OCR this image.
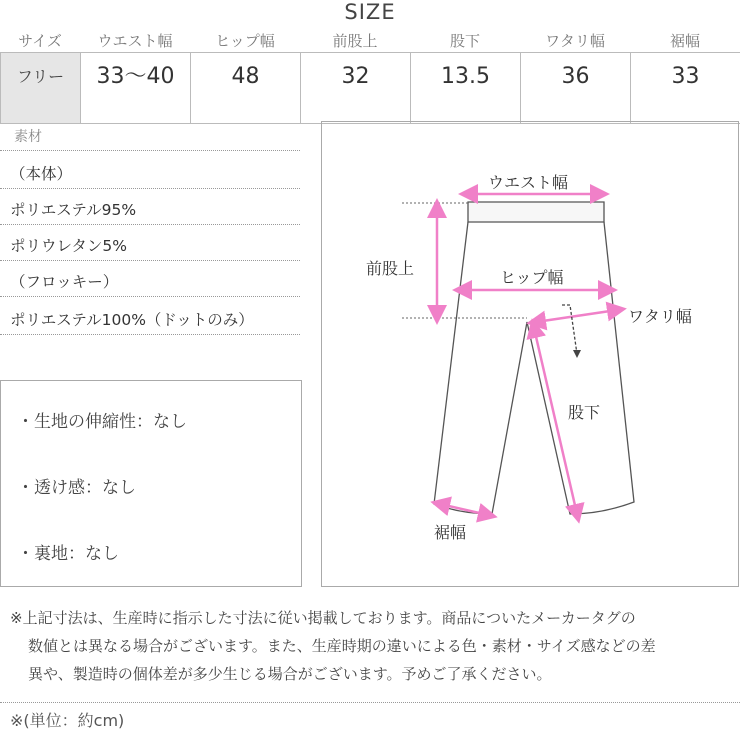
SIZE
サイズ	ウエスト幅	ヒップ幅	前股上	股下	ワタリ幅	裾幅
フリー	33～40	48	32	13.5	36	33
素材
（本体）
ポリエステル95%
ポリウレタン5%
（フロッキー）
ポリエステル100%（ドットのみ）
・生地の伸縮性：なし
・透け感：なし
・裏地：なし
ウエスト幅
前股上	ヒップ幅
ワタリ幅
股下
裾幅
※上記寸法は、生産時に指示した寸法に従い掲載しております。商品についたメーカータグの
数値とは異なる場合がございます。また、生産時期の違いによる色・素材・サイズ感などの差
異や、製造時の個体差が多少生じる場合がございます。予めご了承ください。
※(単位：約cm)
